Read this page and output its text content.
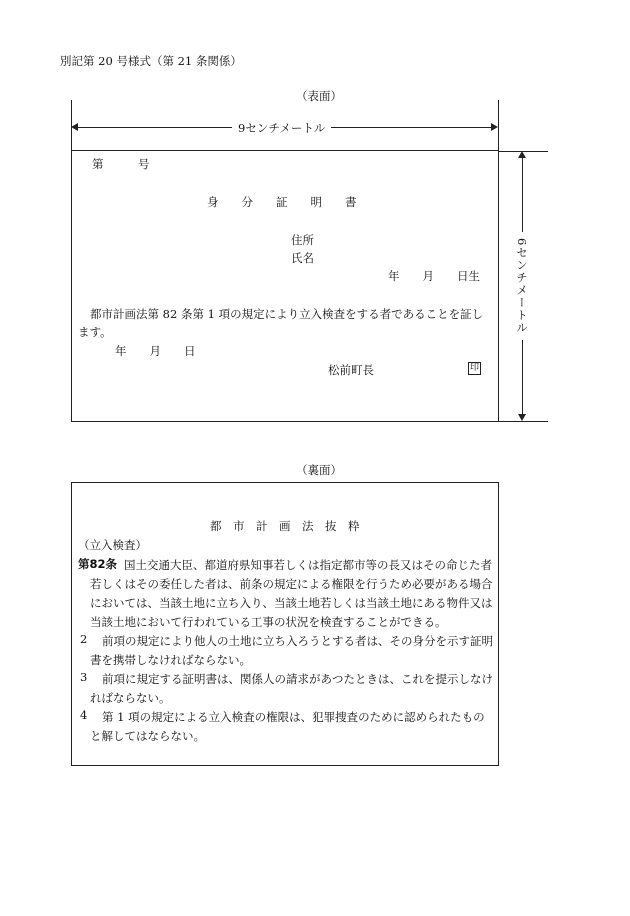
別記第 20 号様式（第 21 条関係）
（表面）
9センチメートル
6センチメートル
第　　　号
身　　分　　証　　明　　書
住所
氏名
年　　月　　日生
都市計画法第 82 条第 1 項の規定により立入検査をする者であることを証し
ます。
年　　月　　日
松前町長	印
（裏面）
都　市　計　画　法　抜　粋
（立入検査）
第82条 国土交通大臣、都道府県知事若しくは指定都市等の長又はその命じた者若しくはその委任した者は、前条の規定による権限を行うため必要がある場合においては、当該土地に立ち入り、当該土地若しくは当該土地にある物件又は当該土地において行われている工事の状況を検査することができる。
2	前項の規定により他人の土地に立ち入ろうとする者は、その身分を示す証明書を携帯しなければならない。
3	前項に規定する証明書は、関係人の請求があつたときは、これを提示しなければならない。
4	第 1 項の規定による立入検査の権限は、犯罪捜査のために認められたものと解してはならない。
